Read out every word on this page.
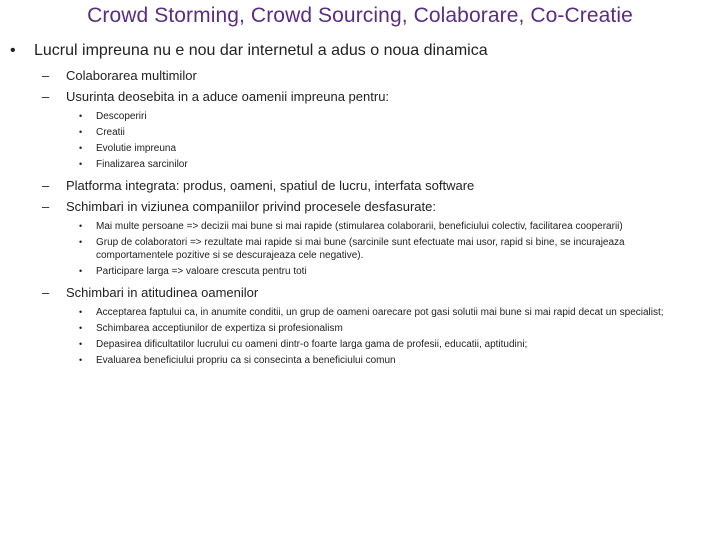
Crowd Storming, Crowd Sourcing, Colaborare, Co-Creatie
• Lucrul impreuna nu e nou dar internetul a adus o noua dinamica
– Colaborarea multimilor
– Usurinta deosebita in a aduce oamenii impreuna pentru:
• Descoperiri
• Creatii
• Evolutie impreuna
• Finalizarea sarcinilor
– Platforma integrata: produs, oameni, spatiul de lucru, interfata software
– Schimbari in viziunea companiilor privind procesele desfasurate:
• Mai multe persoane => decizii mai bune si mai rapide (stimularea colaborarii, beneficiului colectiv, facilitarea cooperarii)
• Grup de colaboratori => rezultate mai rapide si mai bune (sarcinile sunt efectuate mai usor, rapid si bine, se incurajeaza comportamentele pozitive si se descurajeaza cele negative).
• Participare larga => valoare crescuta pentru toti
– Schimbari in atitudinea oamenilor
• Acceptarea faptului ca, in anumite conditii, un grup de oameni oarecare pot gasi solutii mai bune si mai rapid decat un specialist;
• Schimbarea acceptiunilor de expertiza si profesionalism
• Depasirea dificultatilor lucrului cu oameni dintr-o foarte larga gama de profesii, educatii, aptitudini;
• Evaluarea beneficiului propriu ca si consecinta a beneficiului comun
